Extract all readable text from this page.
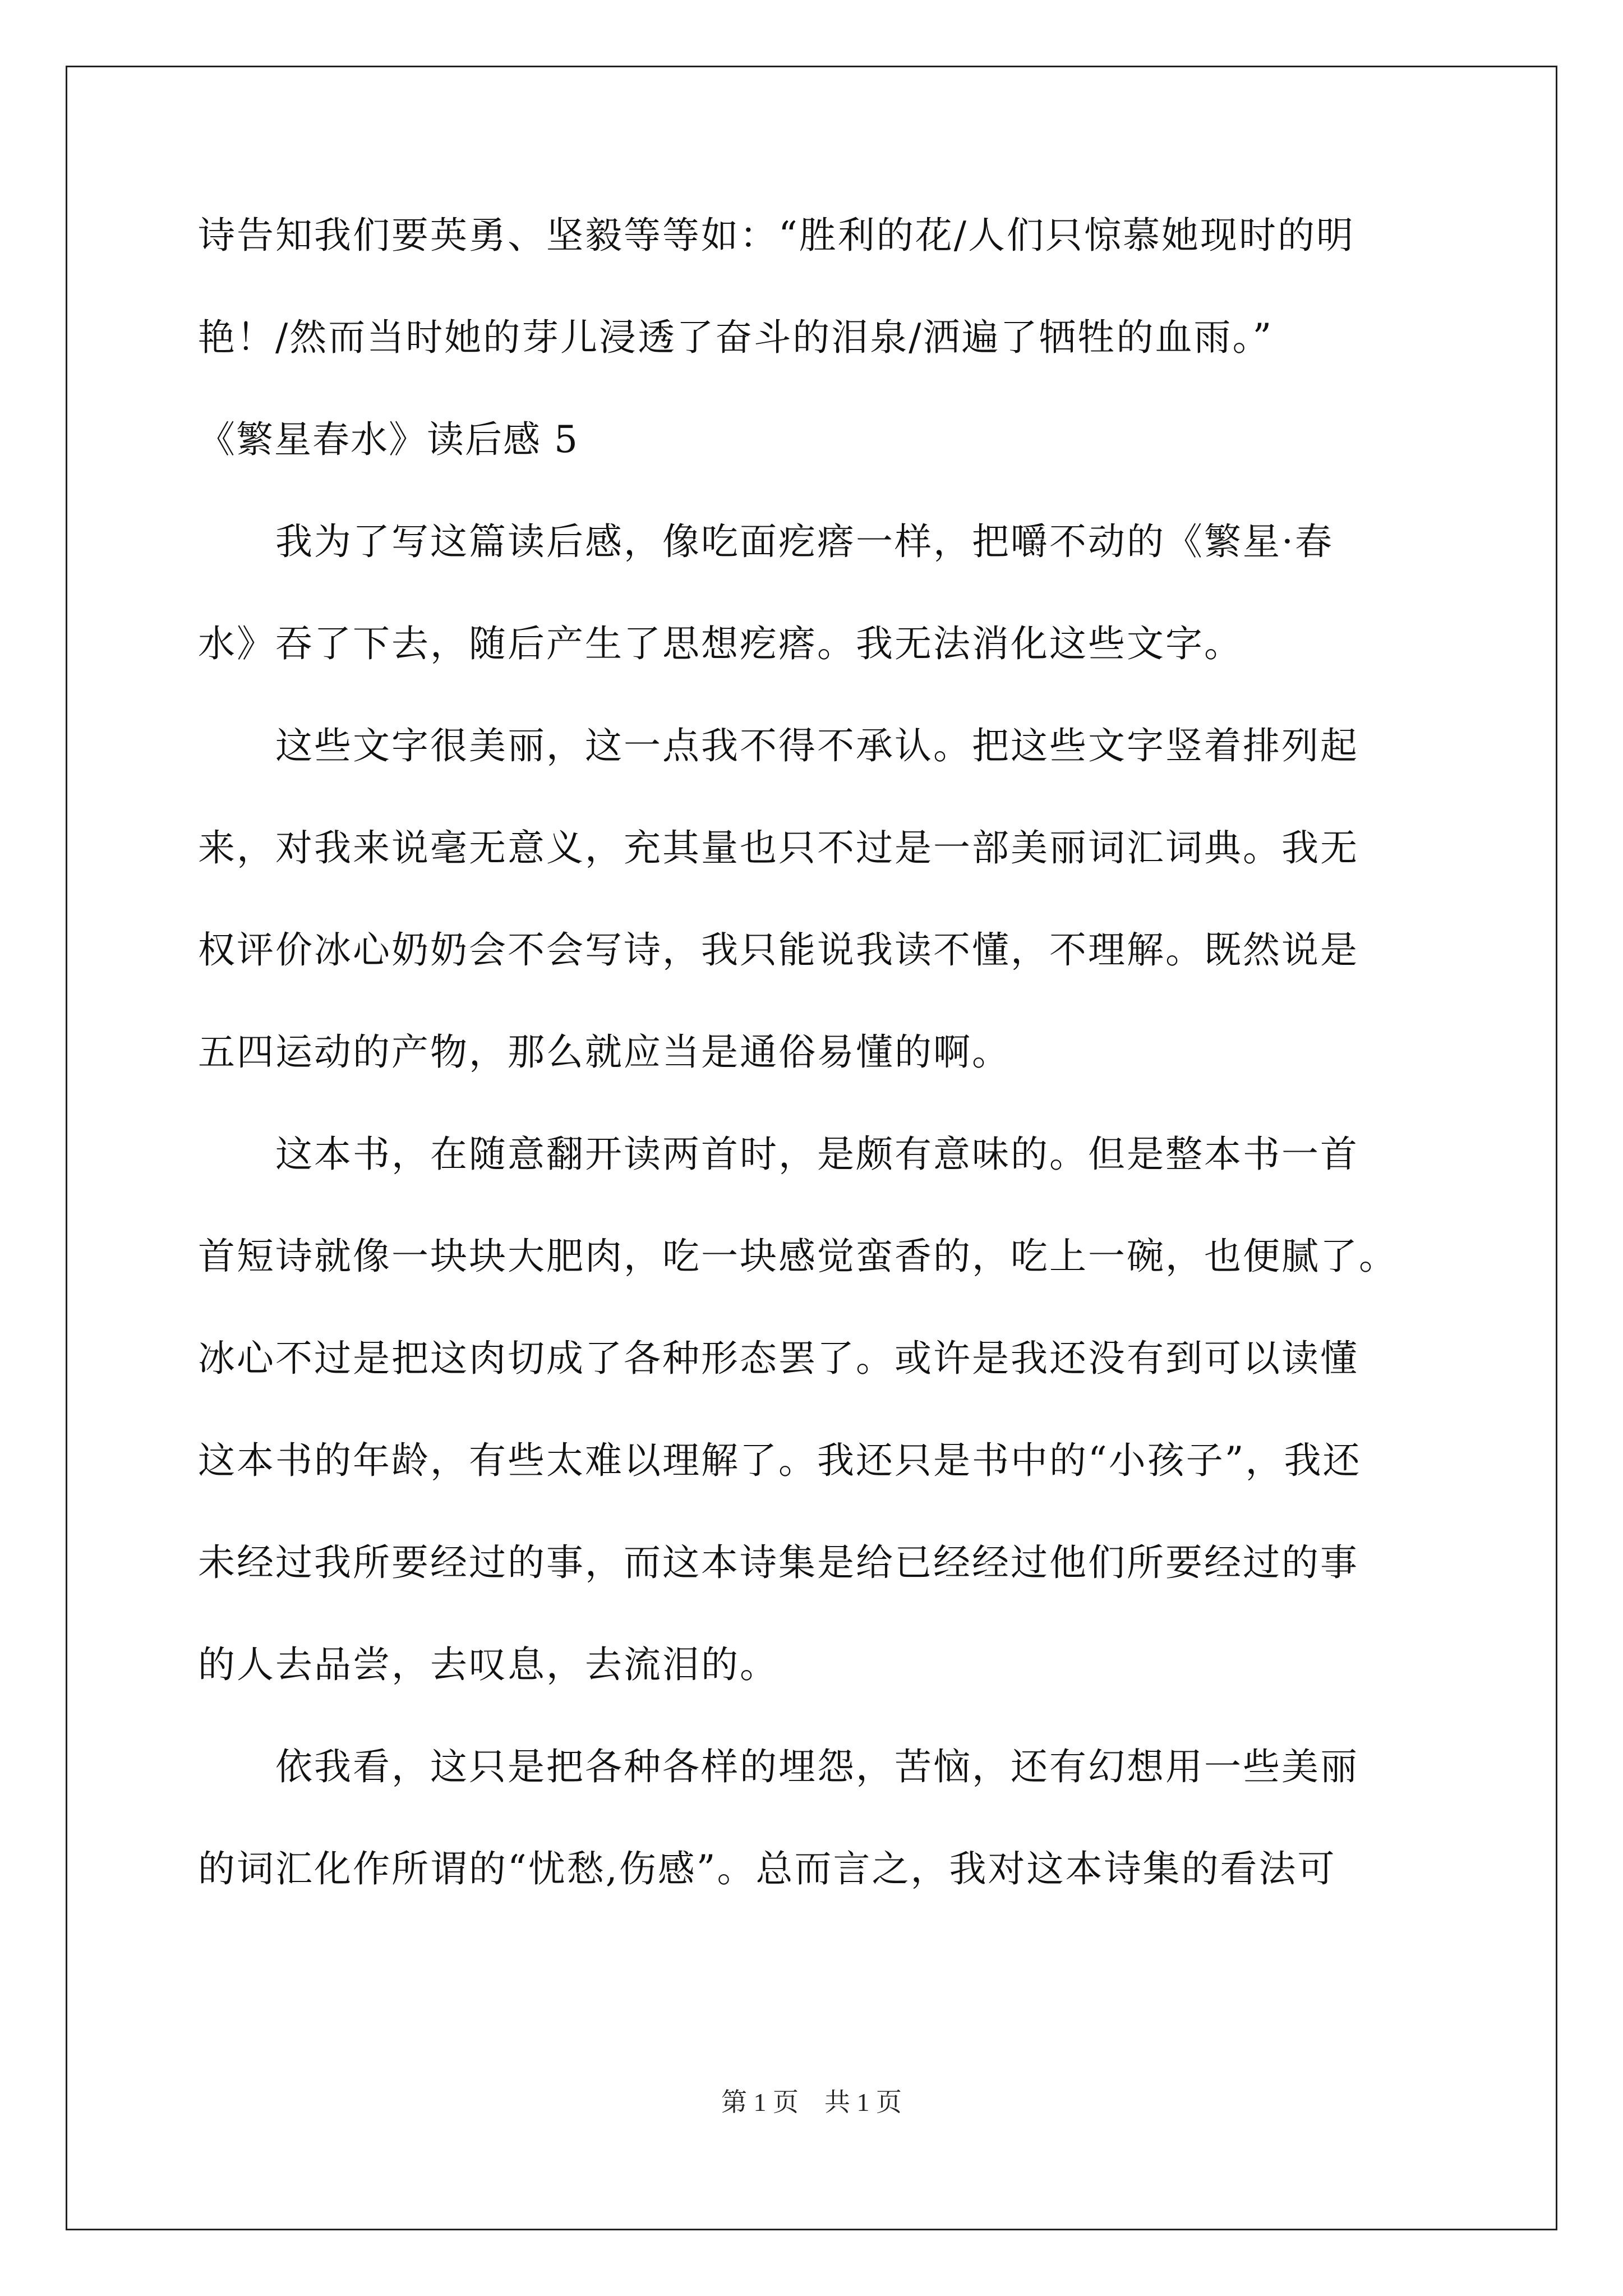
诗告知我们要英勇、坚毅等等如：“胜利的花/人们只惊慕她现时的明
艳！/然而当时她的芽儿浸透了奋斗的泪泉/洒遍了牺牲的血雨。”
《繁星春水》读后感 5
我为了写这篇读后感，像吃面疙瘩一样，把嚼不动的《繁星·春
水》吞了下去，随后产生了思想疙瘩。我无法消化这些文字。
这些文字很美丽，这一点我不得不承认。把这些文字竖着排列起
来，对我来说毫无意义，充其量也只不过是一部美丽词汇词典。我无
权评价冰心奶奶会不会写诗，我只能说我读不懂，不理解。既然说是
五四运动的产物，那么就应当是通俗易懂的啊。
这本书，在随意翻开读两首时，是颇有意味的。但是整本书一首
首短诗就像一块块大肥肉，吃一块感觉蛮香的，吃上一碗，也便腻了。
冰心不过是把这肉切成了各种形态罢了。或许是我还没有到可以读懂
这本书的年龄，有些太难以理解了。我还只是书中的“小孩子”，我还
未经过我所要经过的事，而这本诗集是给已经经过他们所要经过的事
的人去品尝，去叹息，去流泪的。
依我看，这只是把各种各样的埋怨，苦恼，还有幻想用一些美丽
的词汇化作所谓的“忧愁,伤感”。总而言之，我对这本诗集的看法可
第 1 页　共 1 页
